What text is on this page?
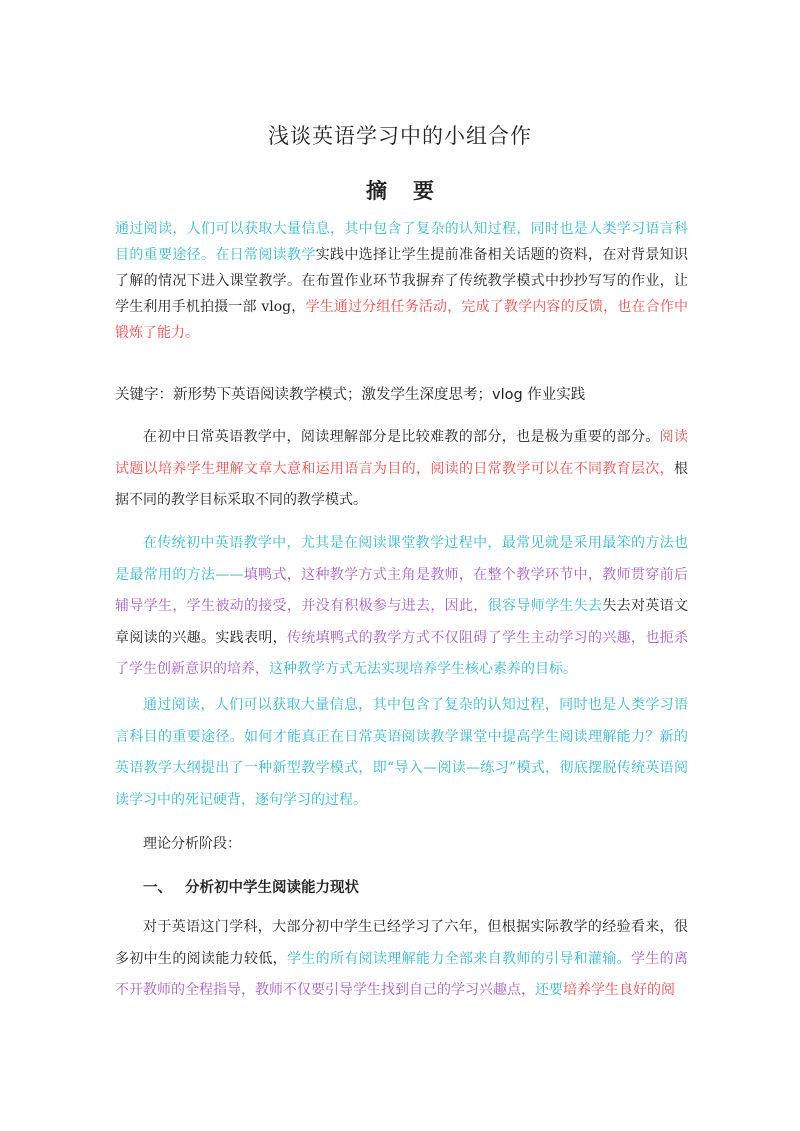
浅谈英语学习中的小组合作
摘 要
通过阅读，人们可以获取大量信息，其中包含了复杂的认知过程，同时也是人类学习语言科目的重要途径。在日常阅读教学实践中选择让学生提前准备相关话题的资料，在对背景知识了解的情况下进入课堂教学。在布置作业环节我摒弃了传统教学模式中抄抄写写的作业，让学生利用手机拍摄一部 vlog，学生通过分组任务活动，完成了教学内容的反馈，也在合作中锻炼了能力。
关键字：新形势下英语阅读教学模式；激发学生深度思考；vlog 作业实践
在初中日常英语教学中，阅读理解部分是比较难教的部分，也是极为重要的部分。阅读试题以培养学生理解文章大意和运用语言为目的，阅读的日常教学可以在不同教育层次，根据不同的教学目标采取不同的教学模式。
在传统初中英语教学中，尤其是在阅读课堂教学过程中，最常见就是采用最笨的方法也是最常用的方法——填鸭式，这种教学方式主角是教师，在整个教学环节中，教师贯穿前后辅导学生，学生被动的接受，并没有积极参与进去，因此，很容导师学生失去失去对英语文章阅读的兴趣。实践表明，传统填鸭式的教学方式不仅阻碍了学生主动学习的兴趣，也扼杀了学生创新意识的培养，这种教学方式无法实现培养学生核心素养的目标。
通过阅读，人们可以获取大量信息，其中包含了复杂的认知过程，同时也是人类学习语言科目的重要途径。如何才能真正在日常英语阅读教学课堂中提高学生阅读理解能力？新的英语教学大纲提出了一种新型教学模式，即“导入—阅读—练习”模式，彻底摆脱传统英语阅读学习中的死记硬背，逐句学习的过程。
理论分析阶段：
一、 分析初中学生阅读能力现状
对于英语这门学科，大部分初中学生已经学习了六年，但根据实际教学的经验看来，很多初中生的阅读能力较低，学生的所有阅读理解能力全部来自教师的引导和灌输。学生的离不开教师的全程指导，教师不仅要引导学生找到自己的学习兴趣点，还要培养学生良好的阅
